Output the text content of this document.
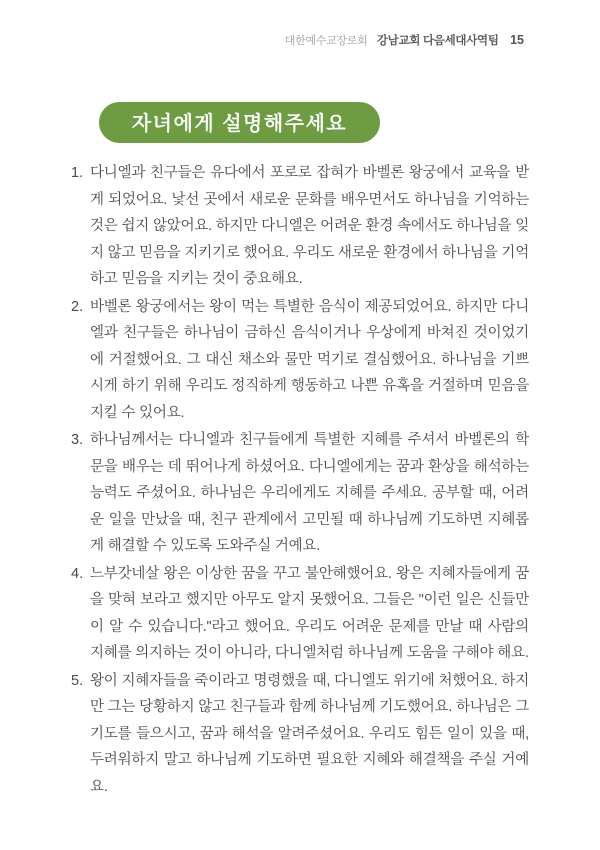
대한예수교장로회 강남교회 다음세대사역팀 15
자녀에게 설명해주세요
1. 다니엘과 친구들은 유다에서 포로로 잡혀가 바벨론 왕궁에서 교육을 받게 되었어요. 낯선 곳에서 새로운 문화를 배우면서도 하나님을 기억하는 것은 쉽지 않았어요. 하지만 다니엘은 어려운 환경 속에서도 하나님을 잊지 않고 믿음을 지키기로 했어요. 우리도 새로운 환경에서 하나님을 기억하고 믿음을 지키는 것이 중요해요.

2. 바벨론 왕궁에서는 왕이 먹는 특별한 음식이 제공되었어요. 하지만 다니엘과 친구들은 하나님이 금하신 음식이거나 우상에게 바쳐진 것이었기에 거절했어요. 그 대신 채소와 물만 먹기로 결심했어요. 하나님을 기쁘시게 하기 위해 우리도 정직하게 행동하고 나쁜 유혹을 거절하며 믿음을 지킬 수 있어요.

3. 하나님께서는 다니엘과 친구들에게 특별한 지혜를 주셔서 바벨론의 학문을 배우는 데 뛰어나게 하셨어요. 다니엘에게는 꿈과 환상을 해석하는 능력도 주셨어요. 하나님은 우리에게도 지혜를 주세요. 공부할 때, 어려운 일을 만났을 때, 친구 관계에서 고민될 때 하나님께 기도하면 지혜롭게 해결할 수 있도록 도와주실 거예요.

4. 느부갓네살 왕은 이상한 꿈을 꾸고 불안해했어요. 왕은 지혜자들에게 꿈을 맞혀 보라고 했지만 아무도 알지 못했어요. 그들은 "이런 일은 신들만이 알 수 있습니다."라고 했어요. 우리도 어려운 문제를 만날 때 사람의 지혜를 의지하는 것이 아니라, 다니엘처럼 하나님께 도움을 구해야 해요.

5. 왕이 지혜자들을 죽이라고 명령했을 때, 다니엘도 위기에 처했어요. 하지만 그는 당황하지 않고 친구들과 함께 하나님께 기도했어요. 하나님은 그 기도를 들으시고, 꿈과 해석을 알려주셨어요. 우리도 힘든 일이 있을 때, 두려워하지 말고 하나님께 기도하면 필요한 지혜와 해결책을 주실 거예요.
